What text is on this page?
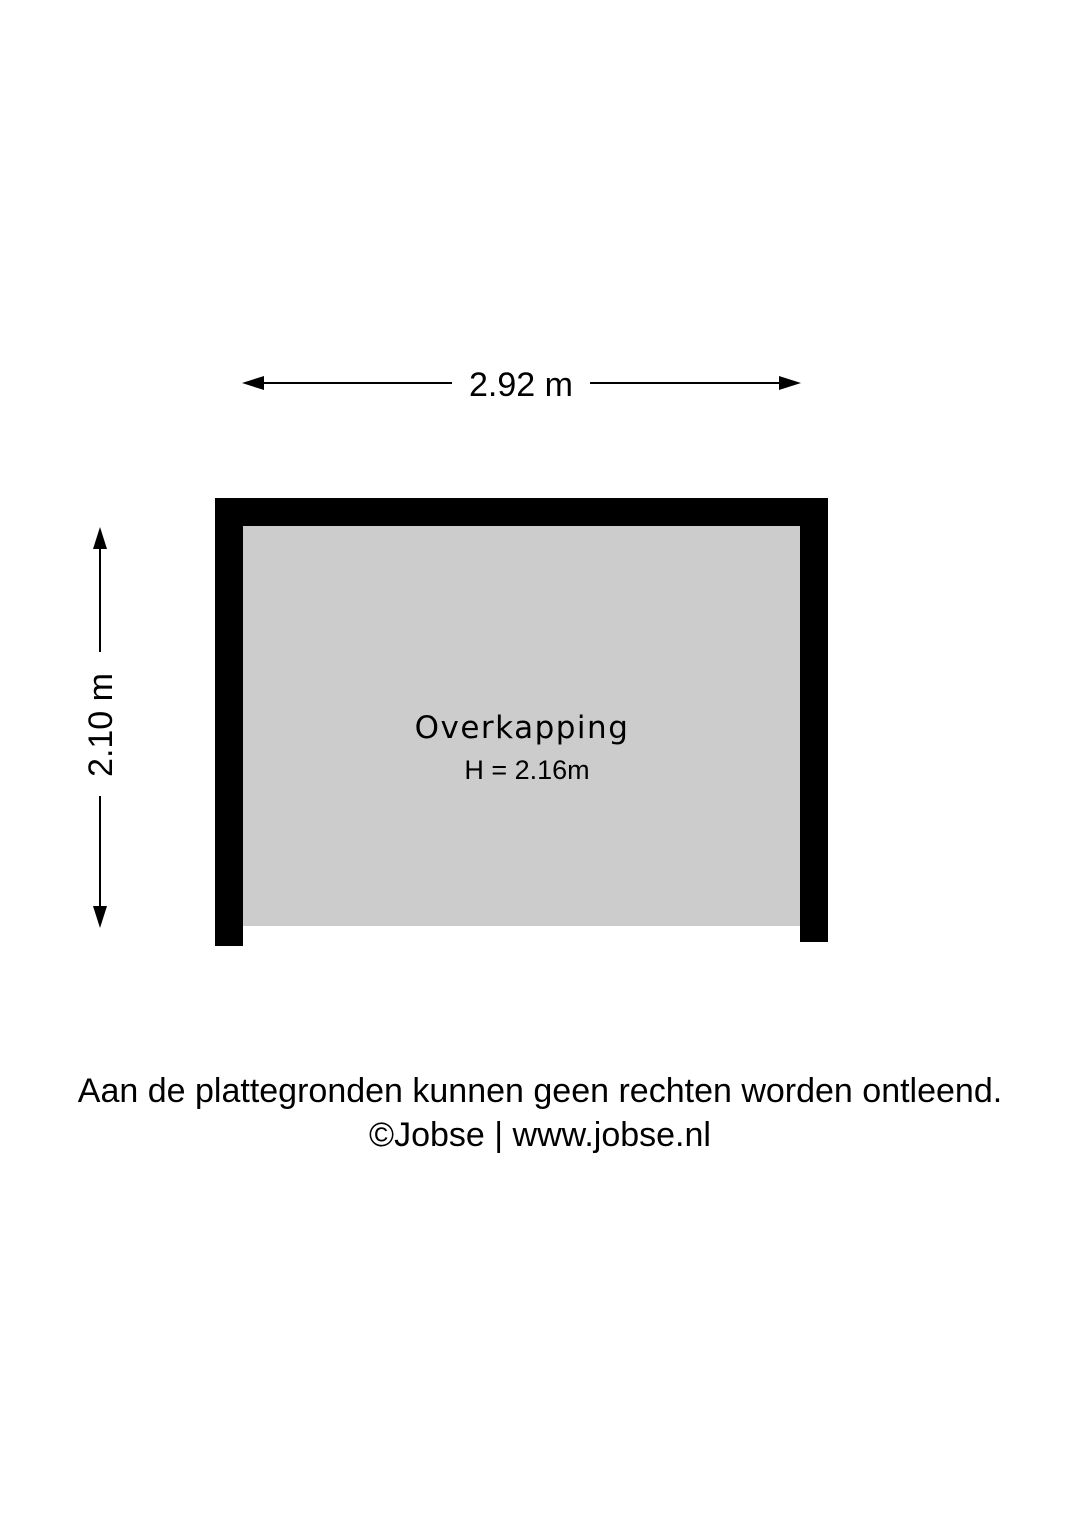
2.92 m
2.10 m	Overkapping
H = 2.16m
Aan de plattegronden kunnen geen rechten worden ontleend.
©Jobse | www.jobse.nl
